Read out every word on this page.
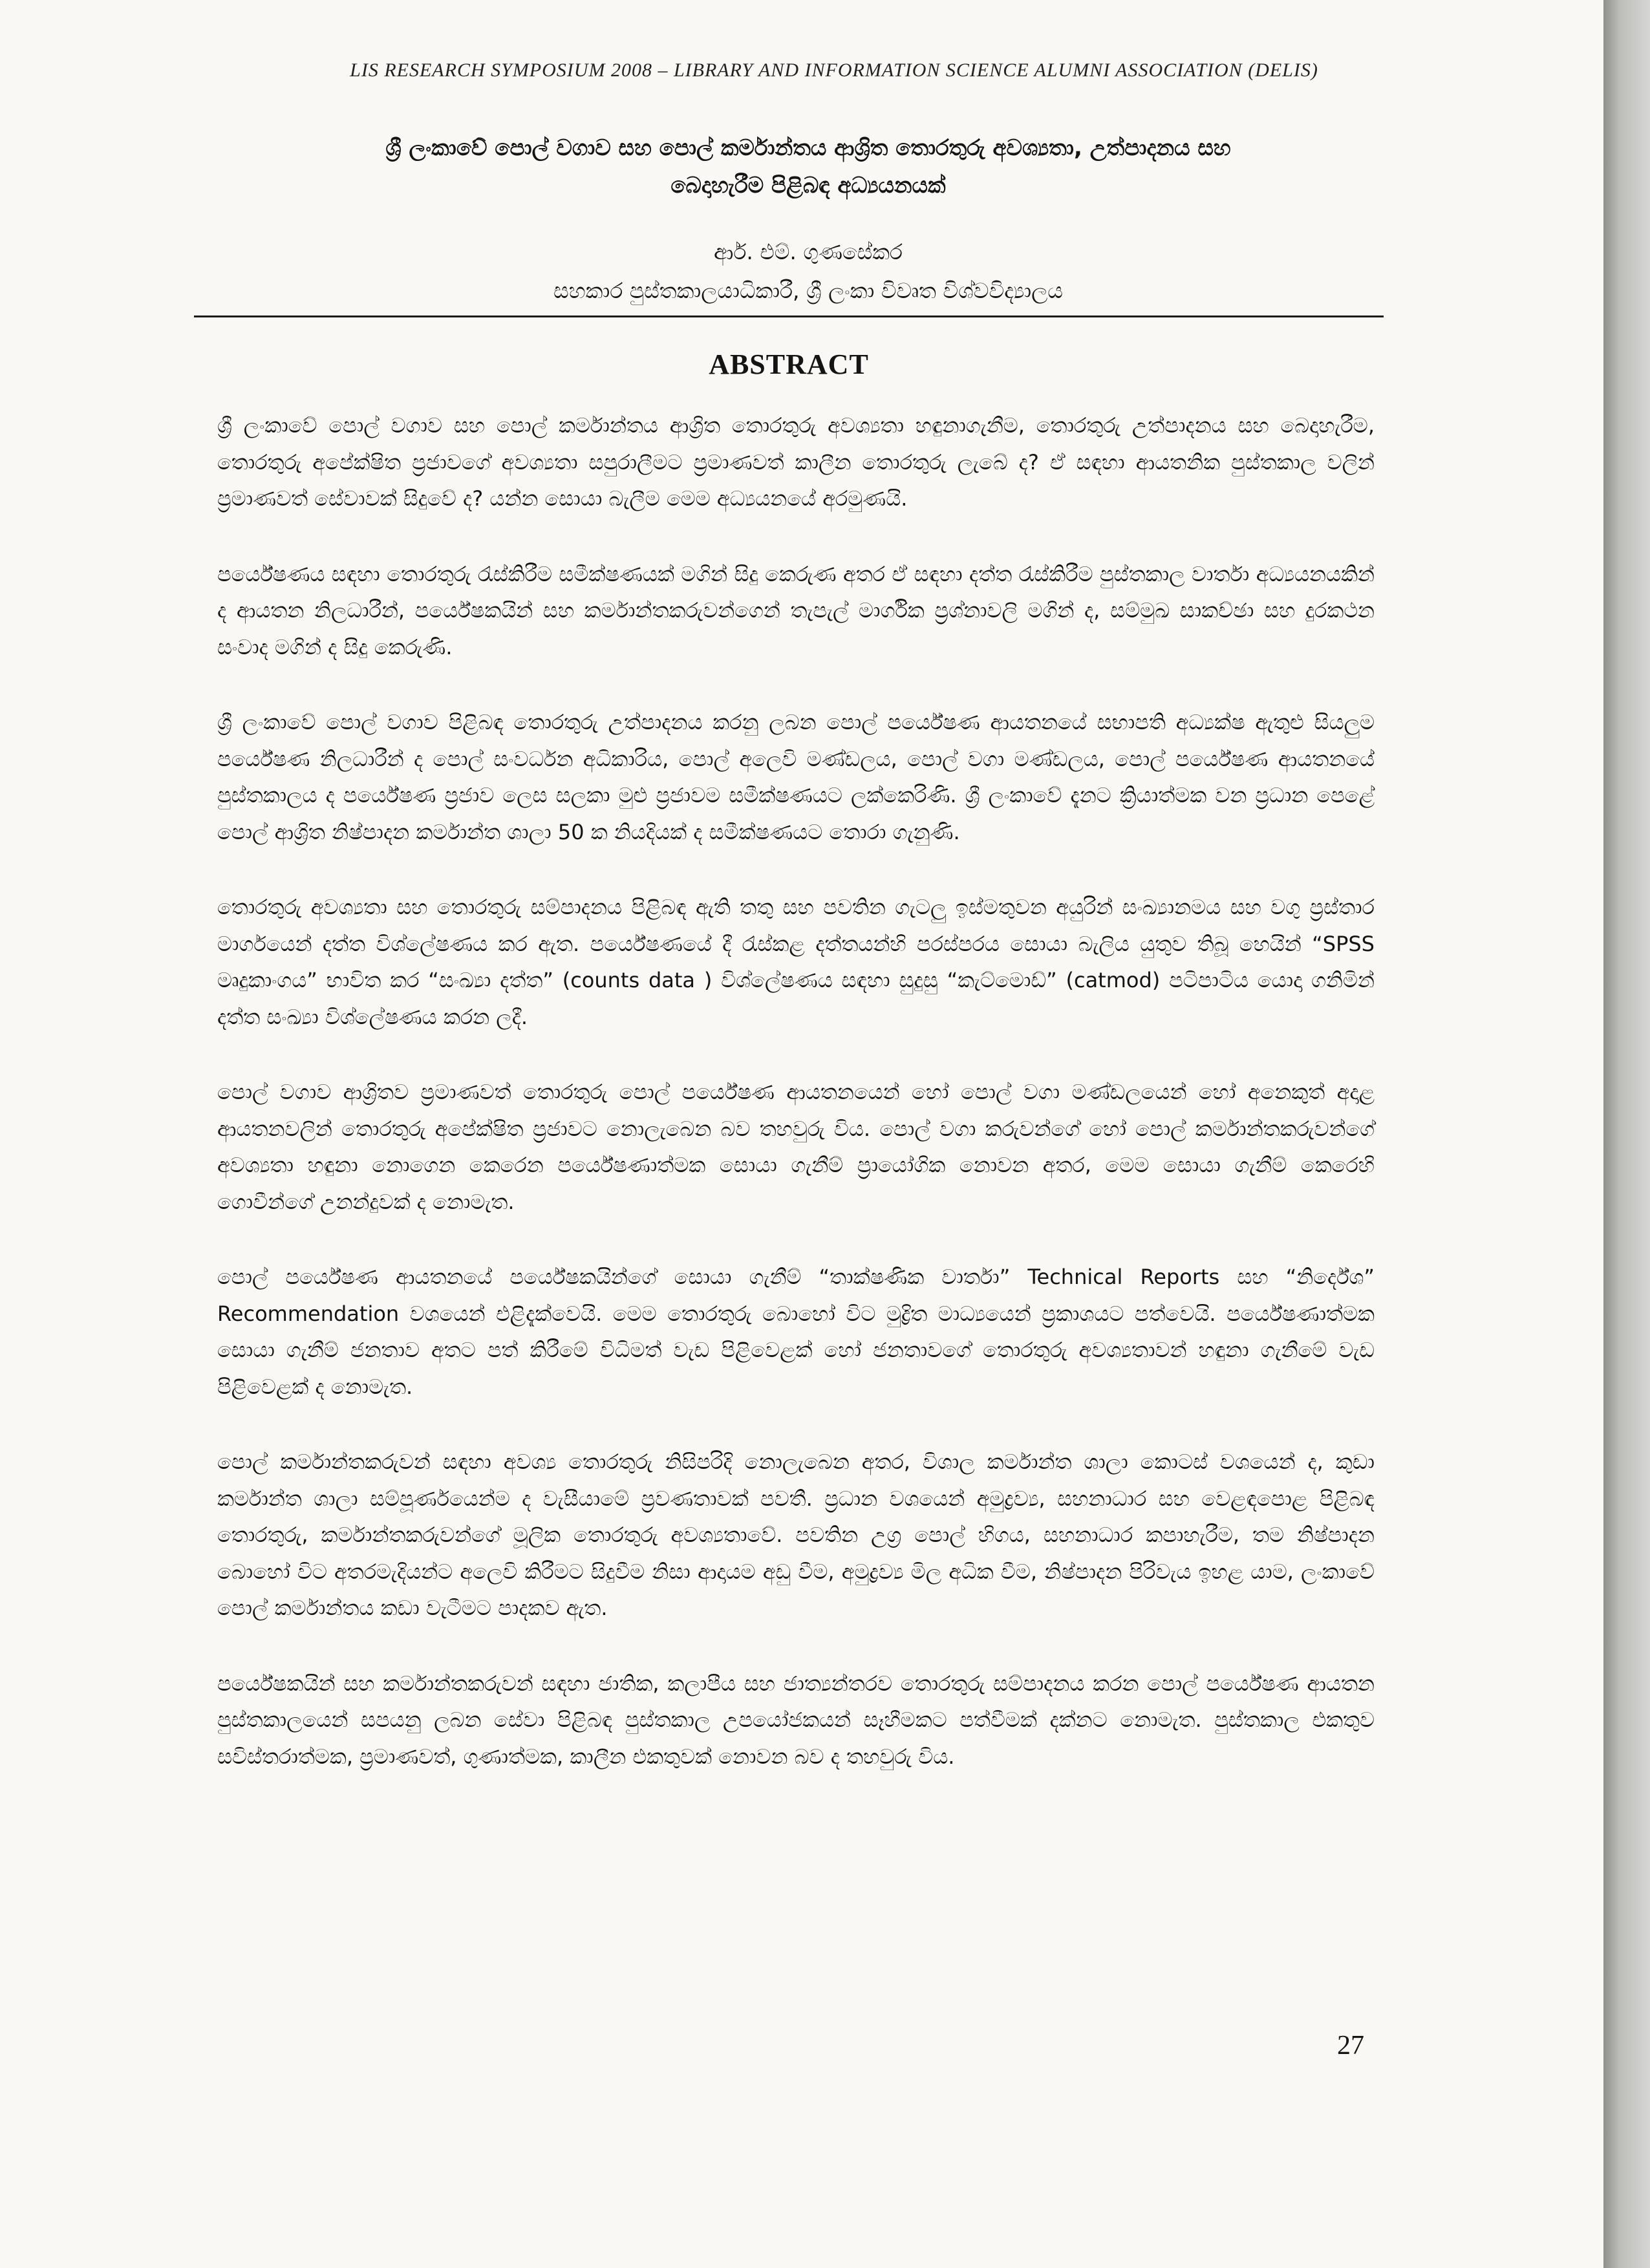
LIS RESEARCH SYMPOSIUM 2008 – LIBRARY AND INFORMATION SCIENCE ALUMNI ASSOCIATION (DELIS)
ශ්‍රී ලංකාවේ පොල් වගාව සහ පොල් කර්මාන්තය ආශ්‍රිත තොරතුරු අවශ්‍යතා, උත්පාදනය සහ
බෙදාහැරීම පිළිබඳ අධ්‍යයනයක්
ආර්. එම්. ගුණසේකර
සහකාර පුස්තකාලයාධිකාරී, ශ්‍රී ලංකා විවෘත විශ්වවිද්‍යාලය
ABSTRACT

ශ්‍රී ලංකාවේ පොල් වගාව සහ පොල් කර්මාන්තය ආශ්‍රිත තොරතුරු අවශ්‍යතා හඳුනාගැනීම, තොරතුරු උත්පාදනය සහ බෙදාහැරීම, තොරතුරු අපේක්ෂිත ප්‍රජාවගේ අවශ්‍යතා සපුරාලීමට ප්‍රමාණවත් කාලීන තොරතුරු ලැබේ ද? ඒ සඳහා ආයතනික පුස්තකාල වලින් ප්‍රමාණවත් සේවාවක් සිදුවේ ද? යන්න සොයා බැලීම මෙම අධ්‍යයනයේ අරමුණයි.

පර්යේෂණය සඳහා තොරතුරු රැස්කිරීම සමීක්ෂණයක් මගින් සිදු කෙරුණ අතර ඒ සඳහා දත්ත රැස්කිරීම පුස්තකාල වාර්තා අධ්‍යයනයකින් ද ආයතන නිලධාරීන්, පර්යේෂකයින් සහ කර්මාන්තකරුවන්ගෙන් තැපැල් මාර්ගික ප්‍රශ්නාවලි මගින් ද, සම්මුඛ සාකච්ඡා සහ දුරකථන සංවාද මගින් ද සිදු කෙරුණි.

ශ්‍රී ලංකාවේ පොල් වගාව පිළිබඳ තොරතුරු උත්පාදනය කරනු ලබන පොල් පර්යේෂණ ආයතනයේ සභාපති අධ්‍යක්ෂ ඇතුළු සියලුම පර්යේෂණ නිලධාරීන් ද පොල් සංවර්ධන අධිකාරිය, පොල් අලෙවි මණ්ඩලය, පොල් වගා මණ්ඩලය, පොල් පර්යේෂණ ආයතනයේ පුස්තකාලය ද පර්යේෂණ ප්‍රජාව ලෙස සලකා මුළු ප්‍රජාවම සමීක්ෂණයට ලක්කෙරිණි. ශ්‍රී ලංකාවේ දැනට ක්‍රියාත්මක වන ප්‍රධාන පෙළේ පොල් ආශ්‍රිත නිෂ්පාදන කර්මාන්ත ශාලා 50 ක නියදියක් ද සමීක්ෂණයට තොරා ගැනුණි.

තොරතුරු අවශ්‍යතා සහ තොරතුරු සම්පාදනය පිළිබඳ ඇති තතු සහ පවතින ගැටලු ඉස්මතුවන අයුරින් සංඛ්‍යානමය සහ වගු ප්‍රස්තාර මාර්ගයෙන් දත්ත විශ්ලේෂණය කර ඇත. පර්යේෂණයේ දී රැස්කළ දත්තයන්හි පරස්පරය සොයා බැලිය යුතුව තිබූ හෙයින් “SPSS මෘදුකාංගය” භාවිත කර “සංඛ්‍යා දත්ත” (counts data ) විශ්ලේෂණය සඳහා සුදුසු “කැට්මොඩ්” (catmod) පටිපාටිය යොදා ගනිමින් දත්ත සංඛ්‍යා විශ්ලේෂණය කරන ලදී.

පොල් වගාව ආශ්‍රිතව ප්‍රමාණවත් තොරතුරු පොල් පර්යේෂණ ආයතනයෙන් හෝ පොල් වගා මණ්ඩලයෙන් හෝ අනෙකුත් අදාළ ආයතනවලින් තොරතුරු අපේක්ෂිත ප්‍රජාවට නොලැබෙන බව තහවුරු විය. පොල් වගා කරුවන්ගේ හෝ පොල් කර්මාන්තකරුවන්ගේ අවශ්‍යතා හඳුනා නොගෙන කෙරෙන පර්යේෂණාත්මක සොයා ගැනීම් ප්‍රායෝගික නොවන අතර, මෙම සොයා ගැනීම් කෙරෙහි ගොවීන්ගේ උනන්දුවක් ද නොමැත.

පොල් පර්යේෂණ ආයතනයේ පර්යේෂකයින්ගේ සොයා ගැනීම් “තාක්ෂණික වාර්තා” Technical Reports සහ “නිර්දේශ” Recommendation වශයෙන් එළිදැක්වෙයි. මෙම තොරතුරු බොහෝ විට මුද්‍රිත මාධ්‍යයෙන් ප්‍රකාශයට පත්වෙයි. පර්යේෂණාත්මක සොයා ගැනීම් ජනතාව අතට පත් කිරීමේ විධිමත් වැඩ පිළිවෙළක් හෝ ජනතාවගේ තොරතුරු අවශ්‍යතාවන් හඳුනා ගැනීමේ වැඩ පිළිවෙළක් ද නොමැත.

පොල් කර්මාන්තකරුවන් සඳහා අවශ්‍ය තොරතුරු නිසිපරිදි නොලැබෙන අතර, විශාල කර්මාන්ත ශාලා කොටස් වශයෙන් ද, කුඩා කර්මාන්ත ශාලා සම්පූර්ණයෙන්ම ද වැසීයාමේ ප්‍රවණතාවක් පවතී. ප්‍රධාන වශයෙන් අමුද්‍රව්‍ය, සහනාධාර සහ වෙළඳපොළ පිළිබඳ තොරතුරු, කර්මාන්තකරුවන්ගේ මූලික තොරතුරු අවශ්‍යතාවේ. පවතින උග්‍ර පොල් හිගය, සහනාධාර කපාහැරීම, තම නිෂ්පාදන බොහෝ විට අතරමැදියන්ට අලෙවි කිරීමට සිදුවීම නිසා ආදායම අඩු වීම, අමුද්‍රව්‍ය මිල අධික වීම, නිෂ්පාදන පිරිවැය ඉහළ යාම, ලංකාවේ පොල් කර්මාන්තය කඩා වැටීමට පාදකව ඇත.

පර්යේෂකයින් සහ කර්මාන්තකරුවන් සඳහා ජාතික, කලාපීය සහ ජාත්‍යන්තරව තොරතුරු සම්පාදනය කරන පොල් පර්යේෂණ ආයතන පුස්තකාලයෙන් සපයනු ලබන සේවා පිළිබඳ පුස්තකාල උපයෝජකයන් සෑහීමකට පත්වීමක් දක්නට නොමැත. පුස්තකාල එකතුව සවිස්තරාත්මක, ප්‍රමාණවත්, ගුණාත්මක, කාලීන එකතුවක් නොවන බව ද තහවුරු විය.

27
